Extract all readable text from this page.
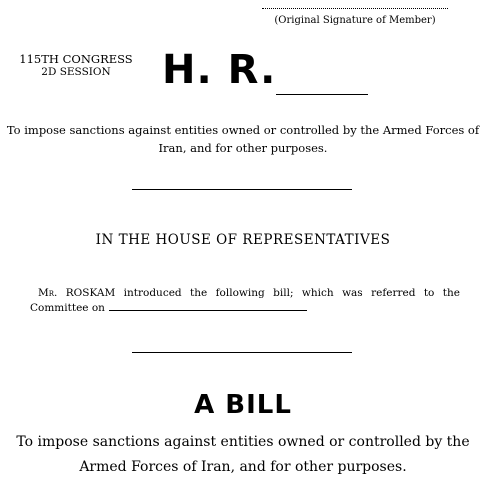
(Original Signature of Member)
115TH CONGRESS
2D SESSION	H. R.
To impose sanctions against entities owned or controlled by the Armed Forces of Iran, and for other purposes.
IN THE HOUSE OF REPRESENTATIVES
Mr. ROSKAM introduced the following bill; which was referred to the Committee on
A BILL
To impose sanctions against entities owned or controlled by the Armed Forces of Iran, and for other purposes.
